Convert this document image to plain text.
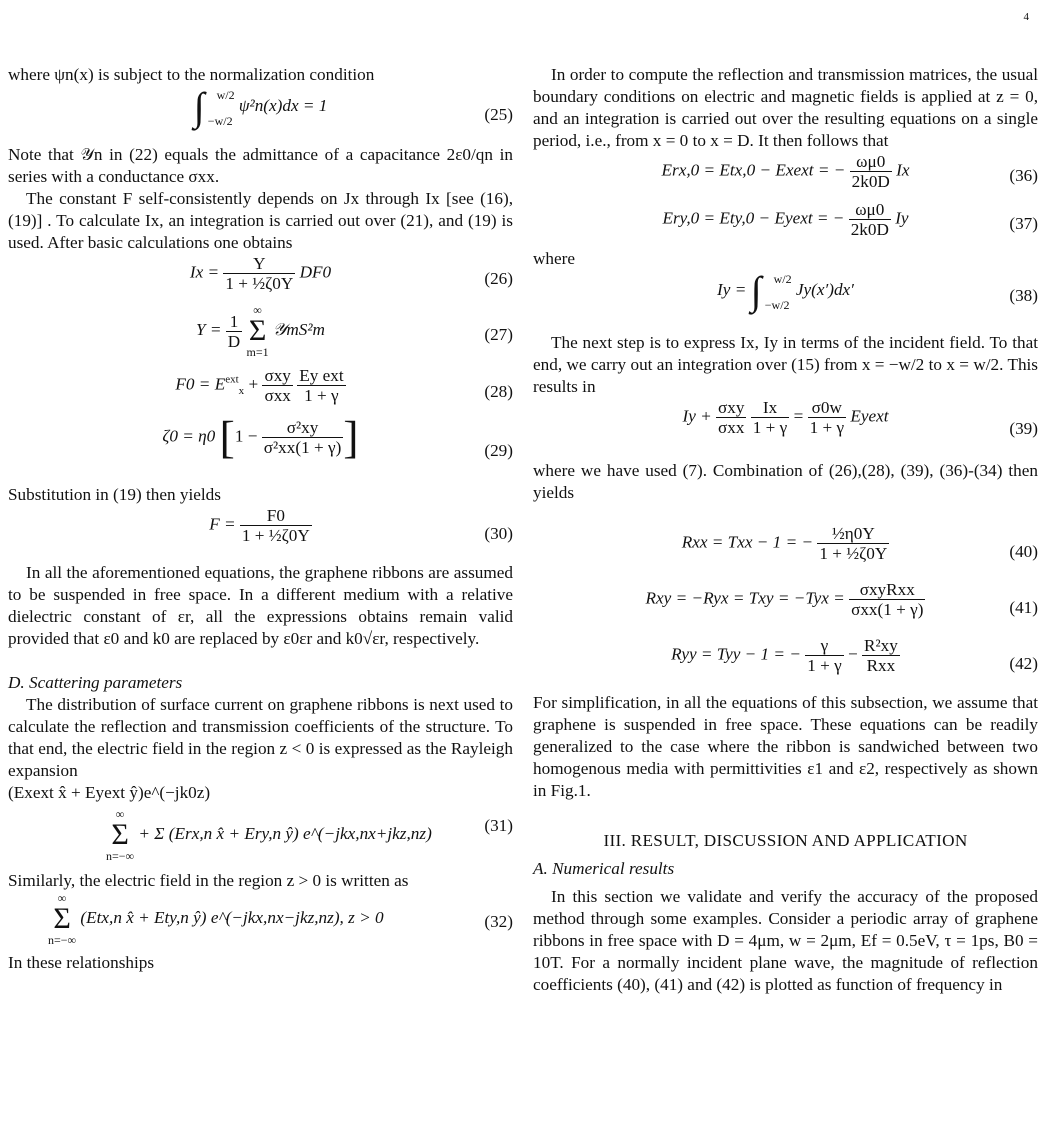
4

where ψn(x) is subject to the normalization condition

∫ w/2
−w/2
ψ²n(x)dx = 1	(25)

Note that 𝒴n in (22) equals the admittance of a capacitance 2ε0/qn in series with a conductance σxx.

The constant F self-consistently depends on Jx through Ix [see (16),(19)] . To calculate Ix, an integration is carried out over (21), and (19) is used. After basic calculations one obtains

$Ix = \frac{Y}{\text{1 + ½ζ0Y}} DF0$	(26)
$Y = \frac{1}{D}$

∞
Σ
m=1
𝒴mS²m	(27)
$F0 = E^{ext}_x + \frac{\text{σxy}}{\text{σxx}}$
$\frac{\text{Ey ext}}{1 + \gamma}$	(28)
ζ0 = η0 [$1 - \frac{\text{σ²xy}}{\text{σ²xx(1 + γ)}}$ ]	(29)

Substitution in (19) then yields

$F = \frac{F0}{\text{1 + ½ζ0Y}}$	(30)

In all the aforementioned equations, the graphene ribbons are assumed to be suspended in free space. In a different medium with a relative dielectric constant of εr, all the expressions obtains remain valid provided that ε0 and k0 are replaced by ε0εr and k0√εr, respectively.

D. Scattering parameters

The distribution of surface current on graphene ribbons is next used to calculate the reflection and transmission coefficients of the structure. To that end, the electric field in the region z < 0 is expressed as the Rayleigh expansion

(Exext x̂ + Eyext ŷ)e^(−jk0z)
∞
Σ
n=−∞
+ Σ (Erx,n x̂ + Ery,n ŷ) e^(−jkx,nx+jkz,nz)	(31)

Similarly, the electric field in the region z > 0 is written as

∞
Σ
n=−∞
(Etx,n x̂ + Ety,n ŷ) e^(−jkx,nx−jkz,nz), z > 0	(32)

In these relationships

In order to compute the reflection and transmission matrices, the usual boundary conditions on electric and magnetic fields is applied at z = 0, and an integration is carried out over the resulting equations on a single period, i.e., from x = 0 to x = D. It then follows that

Erx,0 = Etx,0 − Exext = − $\frac{\omega\mu 0}{2k0D}$ Ix	(36)
Ery,0 = Ety,0 − Eyext = − $\frac{\omega\mu 0}{2k0D}$ Iy	(37)

where

Iy = ∫ w/2
−w/2
Jy(x′)dx′	(38)

The next step is to express Ix, Iy in terms of the incident field. To that end, we carry out an integration over (15) from x = −w/2 to x = w/2. This results in

$Iy + \frac{\text{σxy}}{\text{σxx}}$
$\frac{Ix}{1 + \gamma} = \frac{\sigma 0w}{1 + \gamma}$ Eyext
(39)

where we have used (7). Combination of (26),(28), (39), (36)-(34) then yields

Rxx = Txx − 1 = − $\frac{\text{½η0Y}}{\text{1 + ½ζ0Y}}$	(40)
Rxy = −Ryx = Txy = $-Tyx = \frac{\text{σxyRxx}}{\text{σxx(1 + γ)}}$	(41)
Ryy = Tyy − 1 = − $\frac{\gamma}{1 + \gamma} - \frac{\text{R²xy}}{\text{Rxx}}$	(42)

For simplification, in all the equations of this subsection, we assume that graphene is suspended in free space. These equations can be readily generalized to the case where the ribbon is sandwiched between two homogenous media with permittivities ε1 and ε2, respectively as shown in Fig.1.

III. RESULT, DISCUSSION AND APPLICATION
A. Numerical results

In this section we validate and verify the accuracy of the proposed method through some examples. Consider a periodic array of graphene ribbons in free space with D = 4μm, w = 2μm, Ef = 0.5eV, τ = 1ps, B0 = 10T. For a normally incident plane wave, the magnitude of reflection coefficients (40), (41) and (42) is plotted as function of frequency in
